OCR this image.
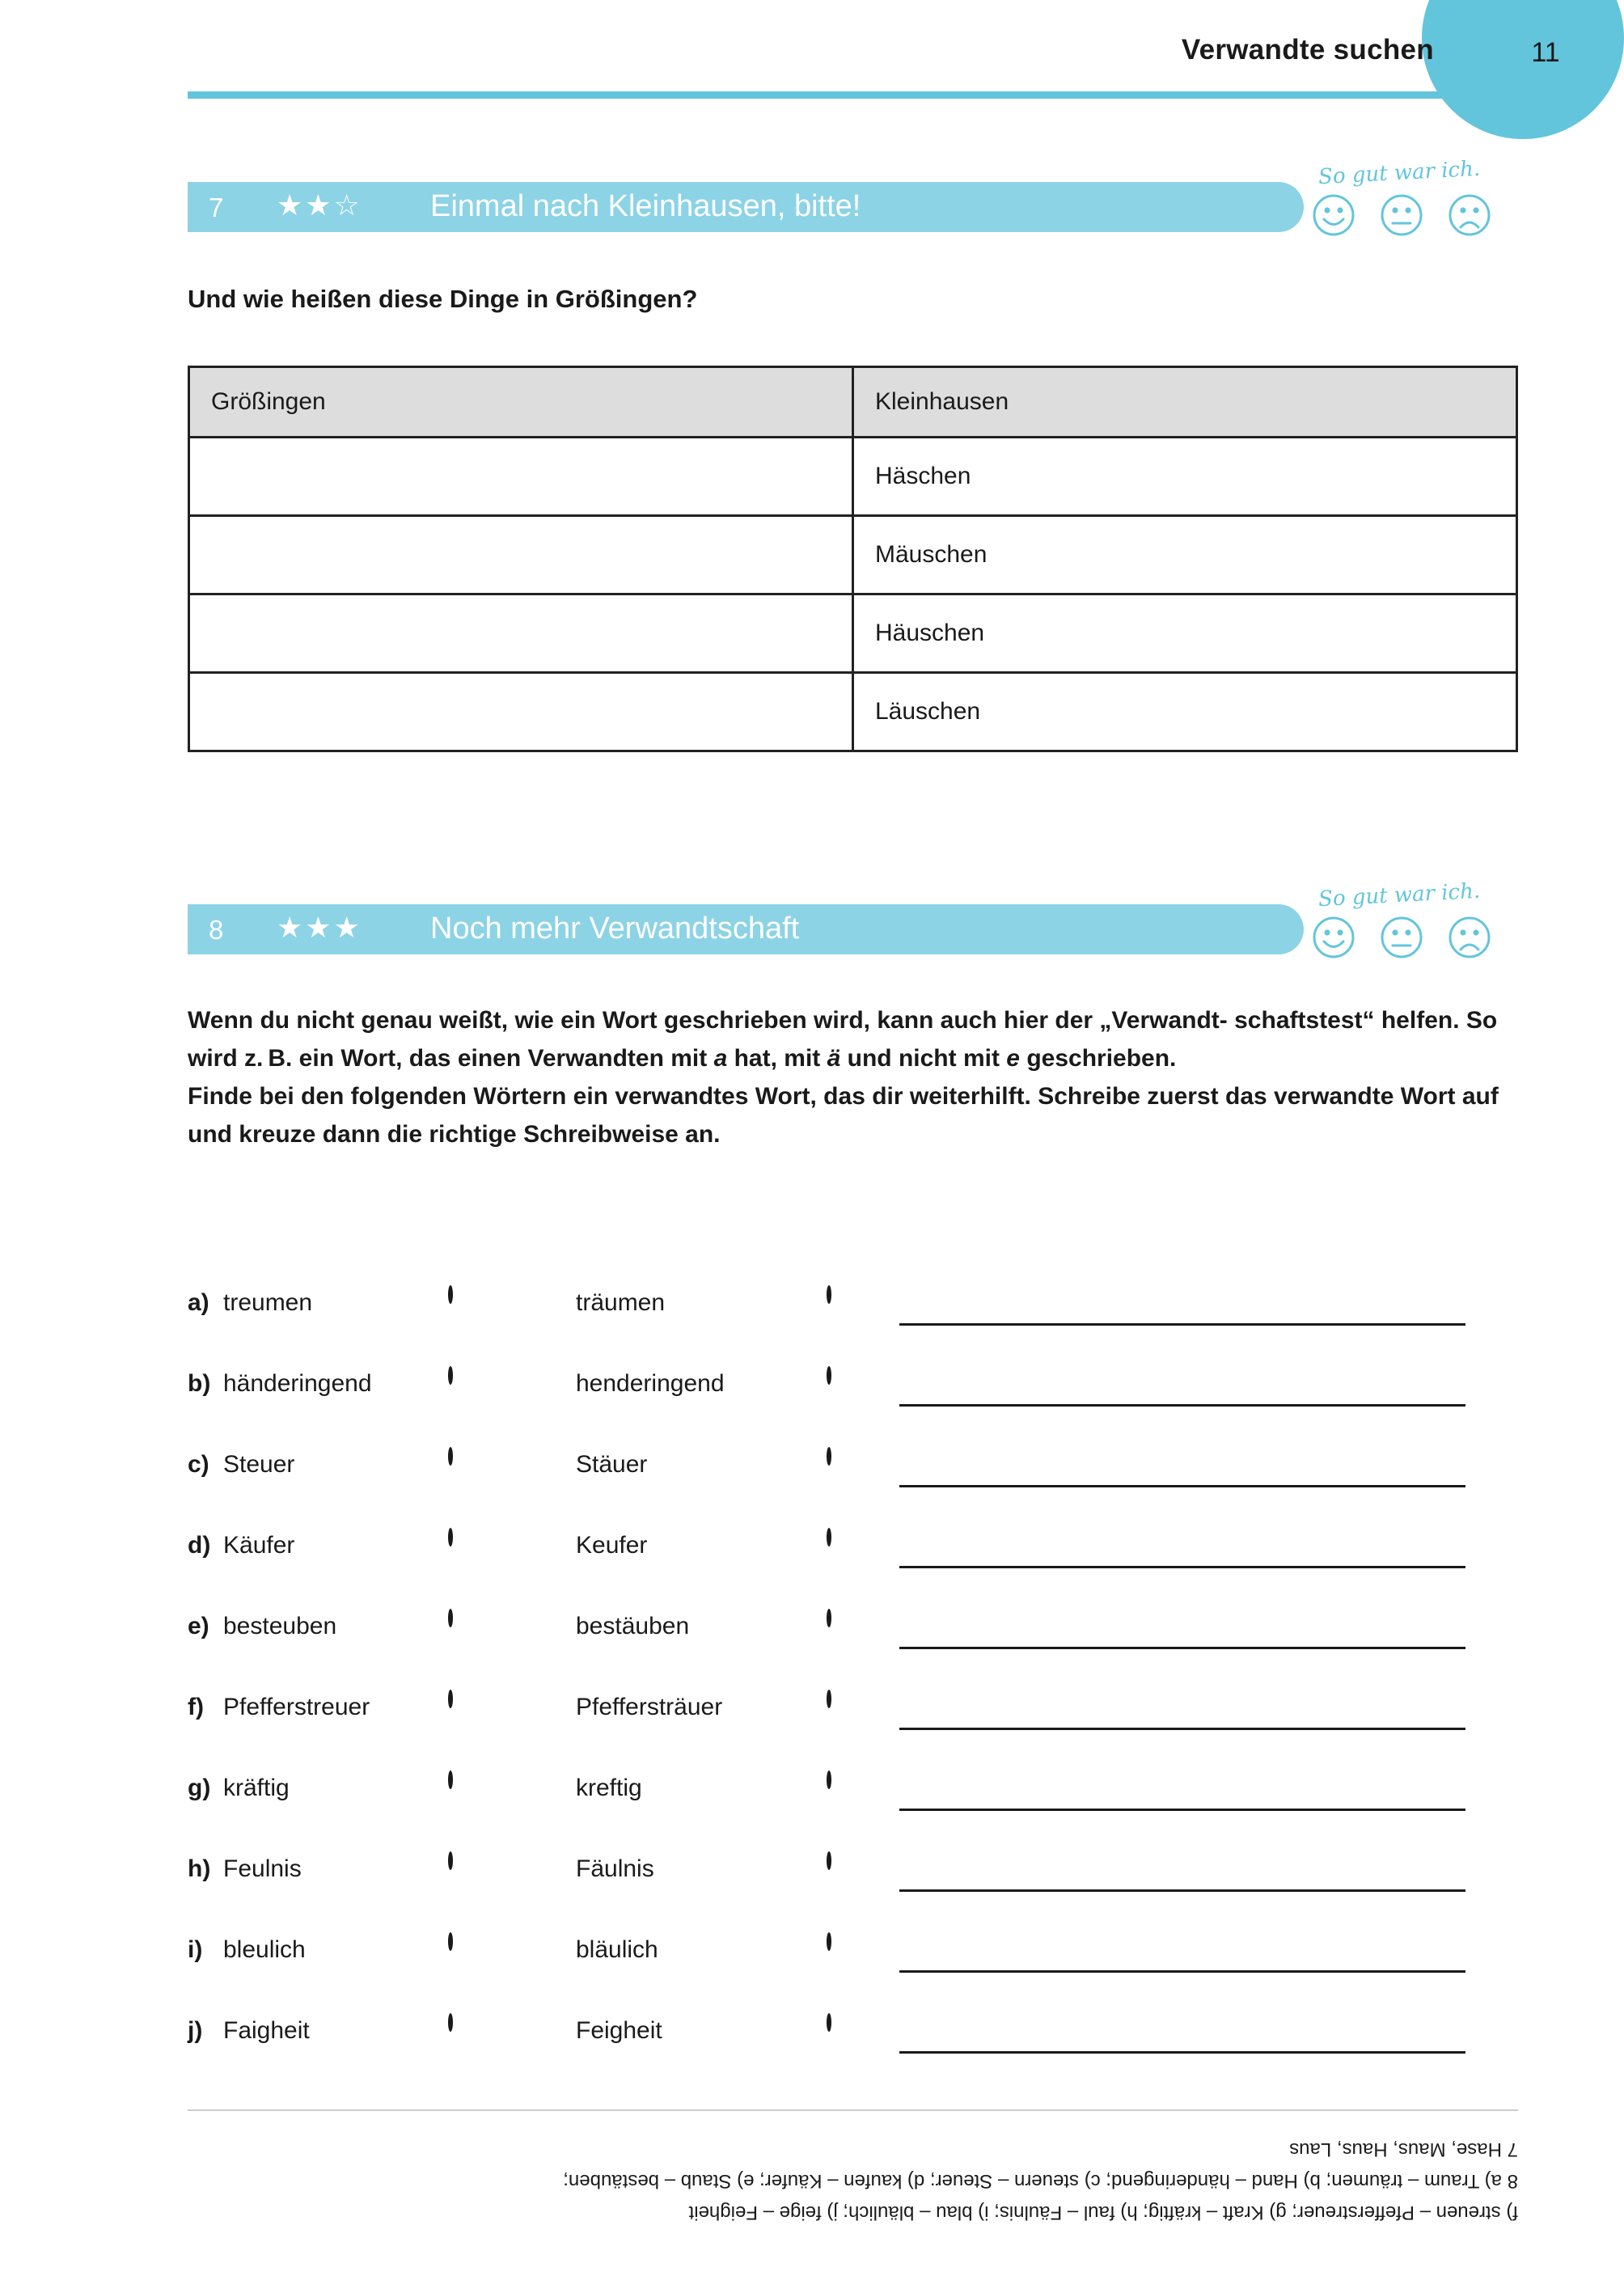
Verwandte suchen	11
7 ★★☆ Einmal nach Kleinhausen, bitte!
So gut war ich.
Und wie heißen diese Dinge in Größingen?
Größingen	Kleinhausen
	Häschen
	Mäuschen
	Häuschen
	Läuschen
8 ★★★ Noch mehr Verwandtschaft
So gut war ich.
Wenn du nicht genau weißt, wie ein Wort geschrieben wird, kann auch hier der „Verwandt- schaftstest“ helfen. So wird z. B. ein Wort, das einen Verwandten mit a hat, mit ä und nicht mit e geschrieben.
Finde bei den folgenden Wörtern ein verwandtes Wort, das dir weiterhilft. Schreibe zuerst das verwandte Wort auf und kreuze dann die richtige Schreibweise an.
a) treumen	träumen
b) händeringend	henderingend
c) Steuer	Stäuer
d) Käufer	Keufer
e) besteuben	bestäuben
f) Pfefferstreuer	Pfeffersträuer
g) kräftig	kreftig
h) Feulnis	Fäulnis
i) bleulich	bläulich
j) Faigheit	Feigheit
f) streuen – Pfefferstreuer; g) Kraft – kräftig; h) faul – Fäulnis; i) blau – bläulich; j) feige – Feigheit
8 a) Traum – träumen; b) Hand – händeringend; c) steuern – Steuer; d) kaufen – Käufer; e) Staub – bestäuben;
7 Hase, Maus, Haus, Laus
